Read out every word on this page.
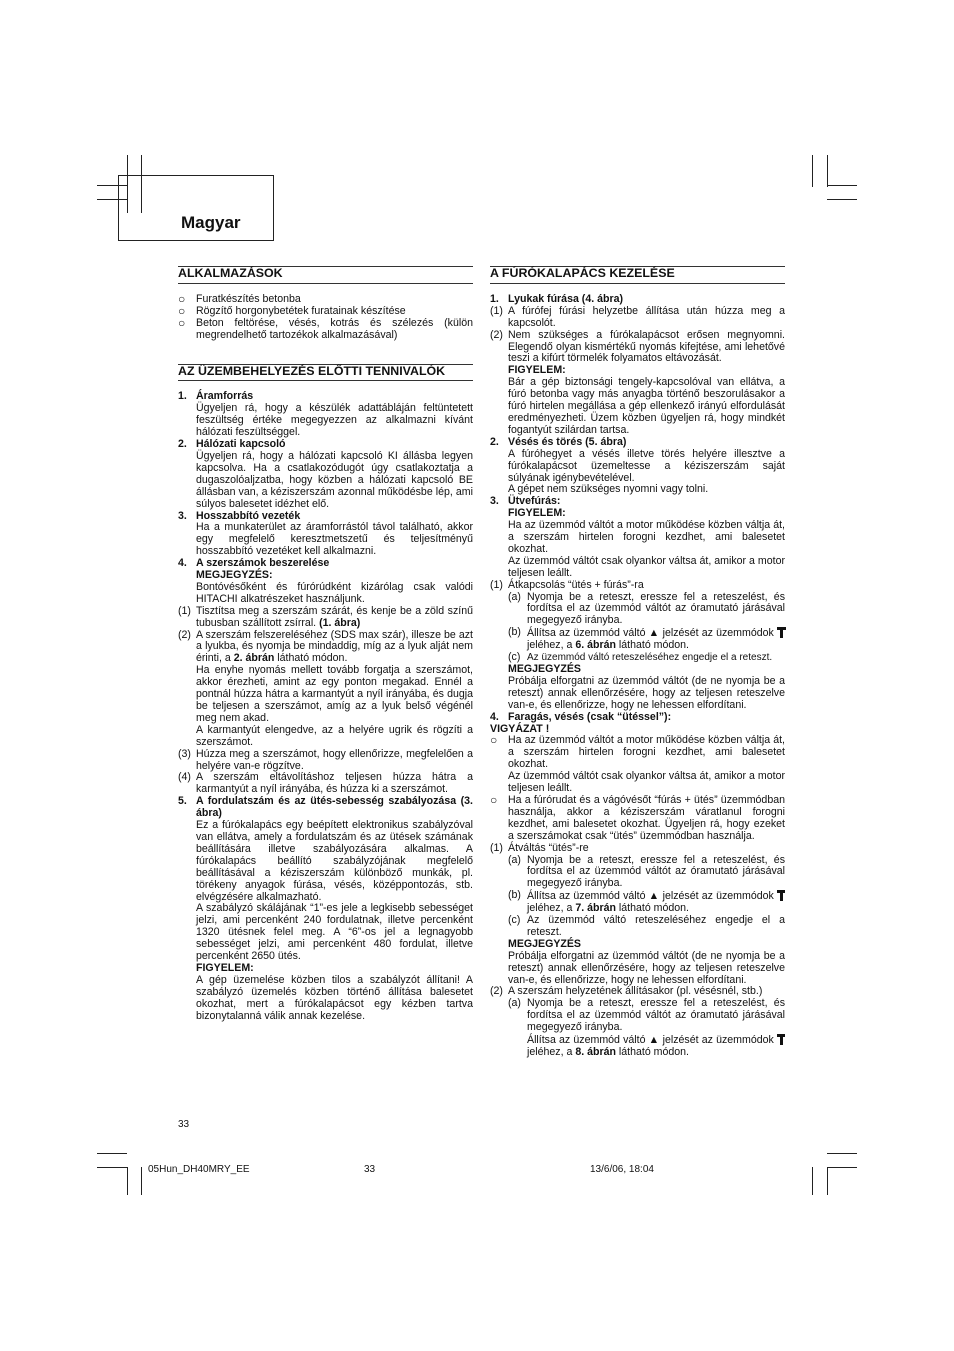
Magyar
ALKALMAZÁSOK
○	Furatkészítés betonba
○	Rögzítő horgonybetétek furatainak készítése
○	Beton feltörése, vésés, kotrás és szélezés (külön megrendelhető tartozékok alkalmazásával)
AZ ÜZEMBEHELYEZÉS ELŐTTI TENNIVALÓK
1. Áramforrás
Ügyeljen rá, hogy a készülék adattábláján feltüntetett feszültség értéke megegyezzen az alkalmazni kívánt hálózati feszültséggel.
2. Hálózati kapcsoló
Ügyeljen rá, hogy a hálózati kapcsoló KI állásba legyen kapcsolva. Ha a csatlakozódugót úgy csatlakoztatja a dugaszolóaljzatba, hogy közben a hálózati kapcsoló BE állásban van, a kéziszerszám azonnal működésbe lép, ami súlyos balesetet idézhet elő.
3. Hosszabbító vezeték
Ha a munkaterület az áramforrástól távol található, akkor egy megfelelő keresztmetszetű és teljesítményű hosszabbító vezetéket kell alkalmazni.
4. A szerszámok beszerelése
MEGJEGYZÉS:
Bontóvésőként és fúrórúdként kizárólag csak valódi HITACHI alkatrészeket használjunk.
(1) Tisztítsa meg a szerszám szárát, és kenje be a zöld színű tubusban szállított zsírral. (1. ábra)
(2) A szerszám felszereléséhez (SDS max szár), illesze be azt a lyukba, és nyomja be mindaddig, míg az a lyuk alját nem érinti, a 2. ábrán látható módon.
Ha enyhe nyomás mellett tovább forgatja a szerszámot, akkor érezheti, amint az egy ponton megakad. Ennél a pontnál húzza hátra a karmantyút a nyíl irányába, és dugja be teljesen a szerszámot, amíg az a lyuk belső végénél meg nem akad.
A karmantyút elengedve, az a helyére ugrik és rögzíti a szerszámot.
(3) Húzza meg a szerszámot, hogy ellenőrizze, megfelelően a helyére van-e rögzítve.
(4) A szerszám eltávolításhoz teljesen húzza hátra a karmantyút a nyíl irányába, és húzza ki a szerszámot.
5. A fordulatszám és az ütés-sebesség szabályozása (3. ábra)
Ez a fúrókalapács egy beépített elektronikus szabályzóval van ellátva, amely a fordulatszám és az ütések számának beállítására illetve szabályozására alkalmas. A fúrókalapács beállító szabályzójának megfelelő beállításával a kéziszerszám különböző munkák, pl. törékeny anyagok fúrása, vésés, középpontozás, stb. elvégzésére alkalmazható.
A szabályzó skálájának “1”-es jele a legkisebb sebességet jelzi, ami percenként 240 fordulatnak, illetve percenként 1320 ütésnek felel meg. A “6”-os jel a legnagyobb sebességet jelzi, ami percenként 480 fordulat, illetve percenként 2650 ütés.
FIGYELEM:
A gép üzemelése közben tilos a szabályzót állítani! A szabályzó üzemelés közben történő állítása balesetet okozhat, mert a fúrókalapácsot egy kézben tartva bizonytalanná válik annak kezelése.
A FÚRÓKALAPÁCS KEZELÉSE
1. Lyukak fúrása (4. ábra)
(1) A fúrófej fúrási helyzetbe állítása után húzza meg a kapcsolót.
(2) Nem szükséges a fúrókalapácsot erősen megnyomni. Elegendő olyan kismértékű nyomás kifejtése, ami lehetővé teszi a kifúrt törmelék folyamatos eltávozását.
FIGYELEM:
Bár a gép biztonsági tengely-kapcsolóval van ellátva, a fúró betonba vagy más anyagba történő beszorulásakor a fúró hirtelen megállása a gép ellenkező irányú elfordulását eredményezheti. Üzem közben ügyeljen rá, hogy mindkét fogantyút szilárdan tartsa.
2. Vésés és törés (5. ábra)
A fúróhegyet a vésés illetve törés helyére illesztve a fúrókalapácsot üzemeltesse a kéziszerszám saját súlyának igénybevételével.
A gépet nem szükséges nyomni vagy tolni.
3. Ütvefúrás:
FIGYELEM:
Ha az üzemmód váltót a motor működése közben váltja át, a szerszám hirtelen forogni kezdhet, ami balesetet okozhat.
Az üzemmód váltót csak olyankor váltsa át, amikor a motor teljesen leállt.
(1) Átkapcsolás “ütés + fúrás”-ra
(a) Nyomja be a reteszt, eressze fel a reteszelést, és fordítsa el az üzemmód váltót az óramutató járásával megegyező irányba.
(b) Állítsa az üzemmód váltó ▲ jelzését az üzemmódok  jeléhez, a 6. ábrán látható módon.
(c) Az üzemmód váltó reteszeléséhez engedje el a reteszt.
MEGJEGYZÉS
Próbálja elforgatni az üzemmód váltót (de ne nyomja be a reteszt) annak ellenőrzésére, hogy az teljesen reteszelve van-e, és ellenőrizze, hogy ne lehessen elfordítani.
4. Faragás, vésés (csak “ütéssel”):
VIGYÁZAT !
○	Ha az üzemmód váltót a motor működése közben váltja át, a szerszám hirtelen forogni kezdhet, ami balesetet okozhat.
Az üzemmód váltót csak olyankor váltsa át, amikor a motor teljesen leállt.
○	Ha a fúrórudat és a vágóvésőt “fúrás + ütés” üzemmódban használja, akkor a kéziszerszám váratlanul forogni kezdhet, ami balesetet okozhat. Ügyeljen rá, hogy ezeket a szerszámokat csak “ütés” üzemmódban használja.
(1) Átváltás “ütés”-re
(a) Nyomja be a reteszt, eressze fel a reteszelést, és fordítsa el az üzemmód váltót az óramutató járásával megegyező irányba.
(b) Állítsa az üzemmód váltó ▲ jelzését az üzemmódok  jeléhez, a 7. ábrán látható módon.
(c) Az üzemmód váltó reteszeléséhez engedje el a reteszt.
MEGJEGYZÉS
Próbálja elforgatni az üzemmód váltót (de ne nyomja be a reteszt) annak ellenőrzésére, hogy az teljesen reteszelve van-e, és ellenőrizze, hogy ne lehessen elfordítani.
(2) A szerszám helyzetének állításakor (pl. vésésnél, stb.)
(a) Nyomja be a reteszt, eressze fel a reteszelést, és fordítsa el az üzemmód váltót az óramutató járásával megegyező irányba.
Állítsa az üzemmód váltó ▲ jelzését az üzemmódok  jeléhez, a 8. ábrán látható módon.
33
05Hun_DH40MRY_EE	33	13/6/06, 18:04
